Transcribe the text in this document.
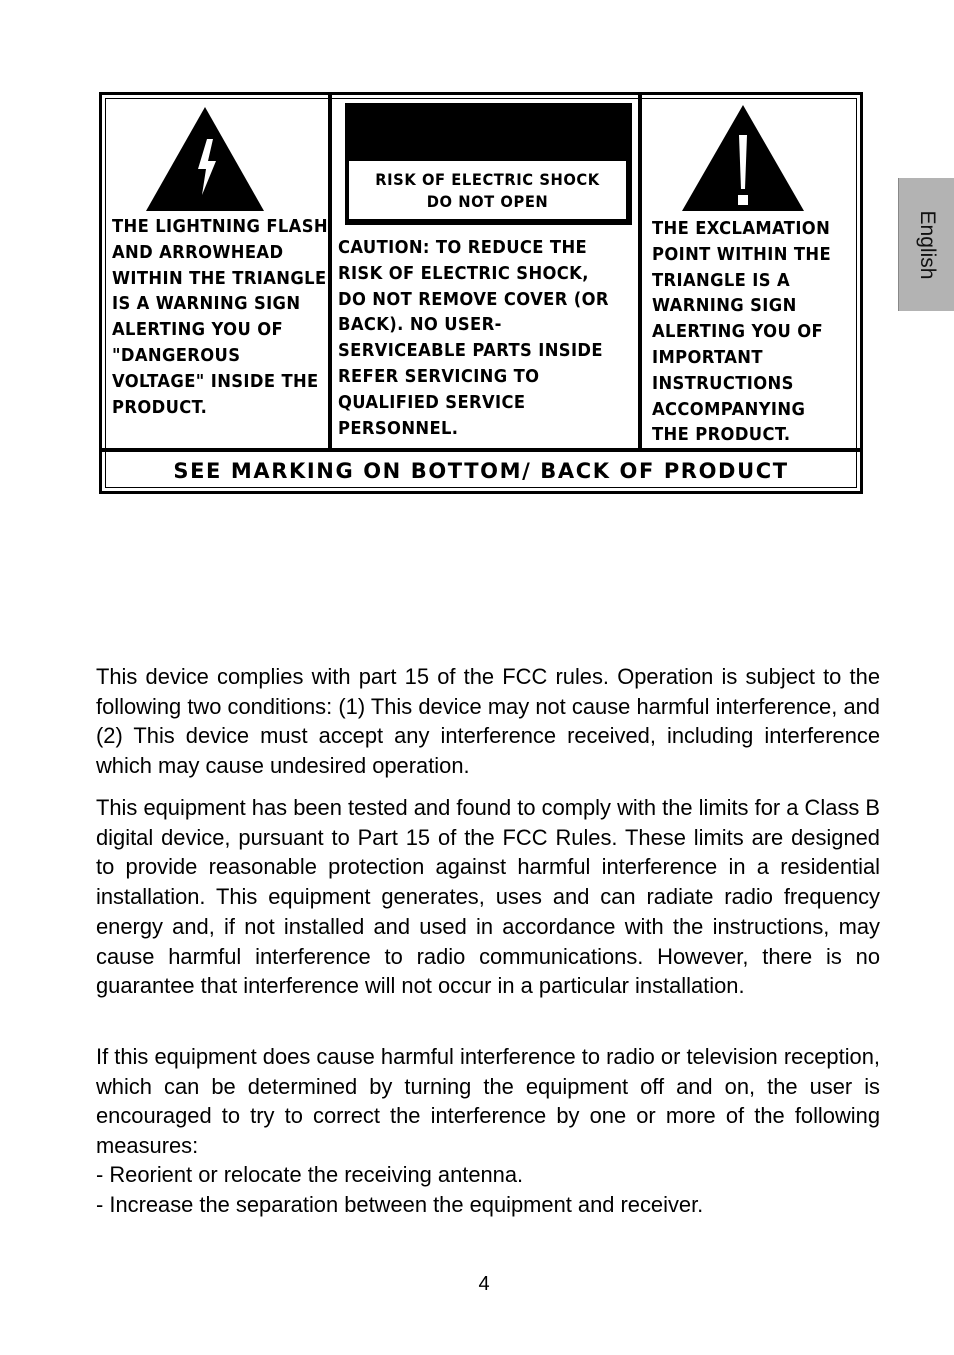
English
THE LIGHTNING FLASH
AND ARROWHEAD
WITHIN THE TRIANGLE
IS A WARNING SIGN
ALERTING YOU OF
"DANGEROUS
VOLTAGE" INSIDE THE
PRODUCT.
RISK OF ELECTRIC SHOCK
DO NOT OPEN
CAUTION: TO REDUCE THE
RISK OF ELECTRIC SHOCK,
DO NOT REMOVE COVER (OR
BACK). NO USER-
SERVICEABLE PARTS INSIDE
REFER SERVICING TO
QUALIFIED SERVICE
PERSONNEL.
THE EXCLAMATION
POINT WITHIN THE
TRIANGLE IS A
WARNING SIGN
ALERTING YOU OF
IMPORTANT
INSTRUCTIONS
ACCOMPANYING
THE PRODUCT.
SEE MARKING ON BOTTOM/ BACK OF PRODUCT

This device complies with part 15 of the FCC rules. Operation is subject to the following two conditions: (1) This device may not cause harmful interference, and (2) This device must accept any interference received, including interference which may cause undesired operation.

This equipment has been tested and found to comply with the limits for a Class B digital device, pursuant to Part 15 of the FCC Rules. These limits are designed to provide reasonable protection against harmful interference in a residential installation. This equipment generates, uses and can radiate radio frequency energy and, if not installed and used in accordance with the instructions, may cause harmful interference to radio communications. However, there is no guarantee that interference will not occur in a particular installation.

If this equipment does cause harmful interference to radio or television reception, which can be determined by turning the equipment off and on, the user is encouraged to try to correct the interference by one or more of the following measures:

- Reorient or relocate the receiving antenna.
- Increase the separation between the equipment and receiver.
4
